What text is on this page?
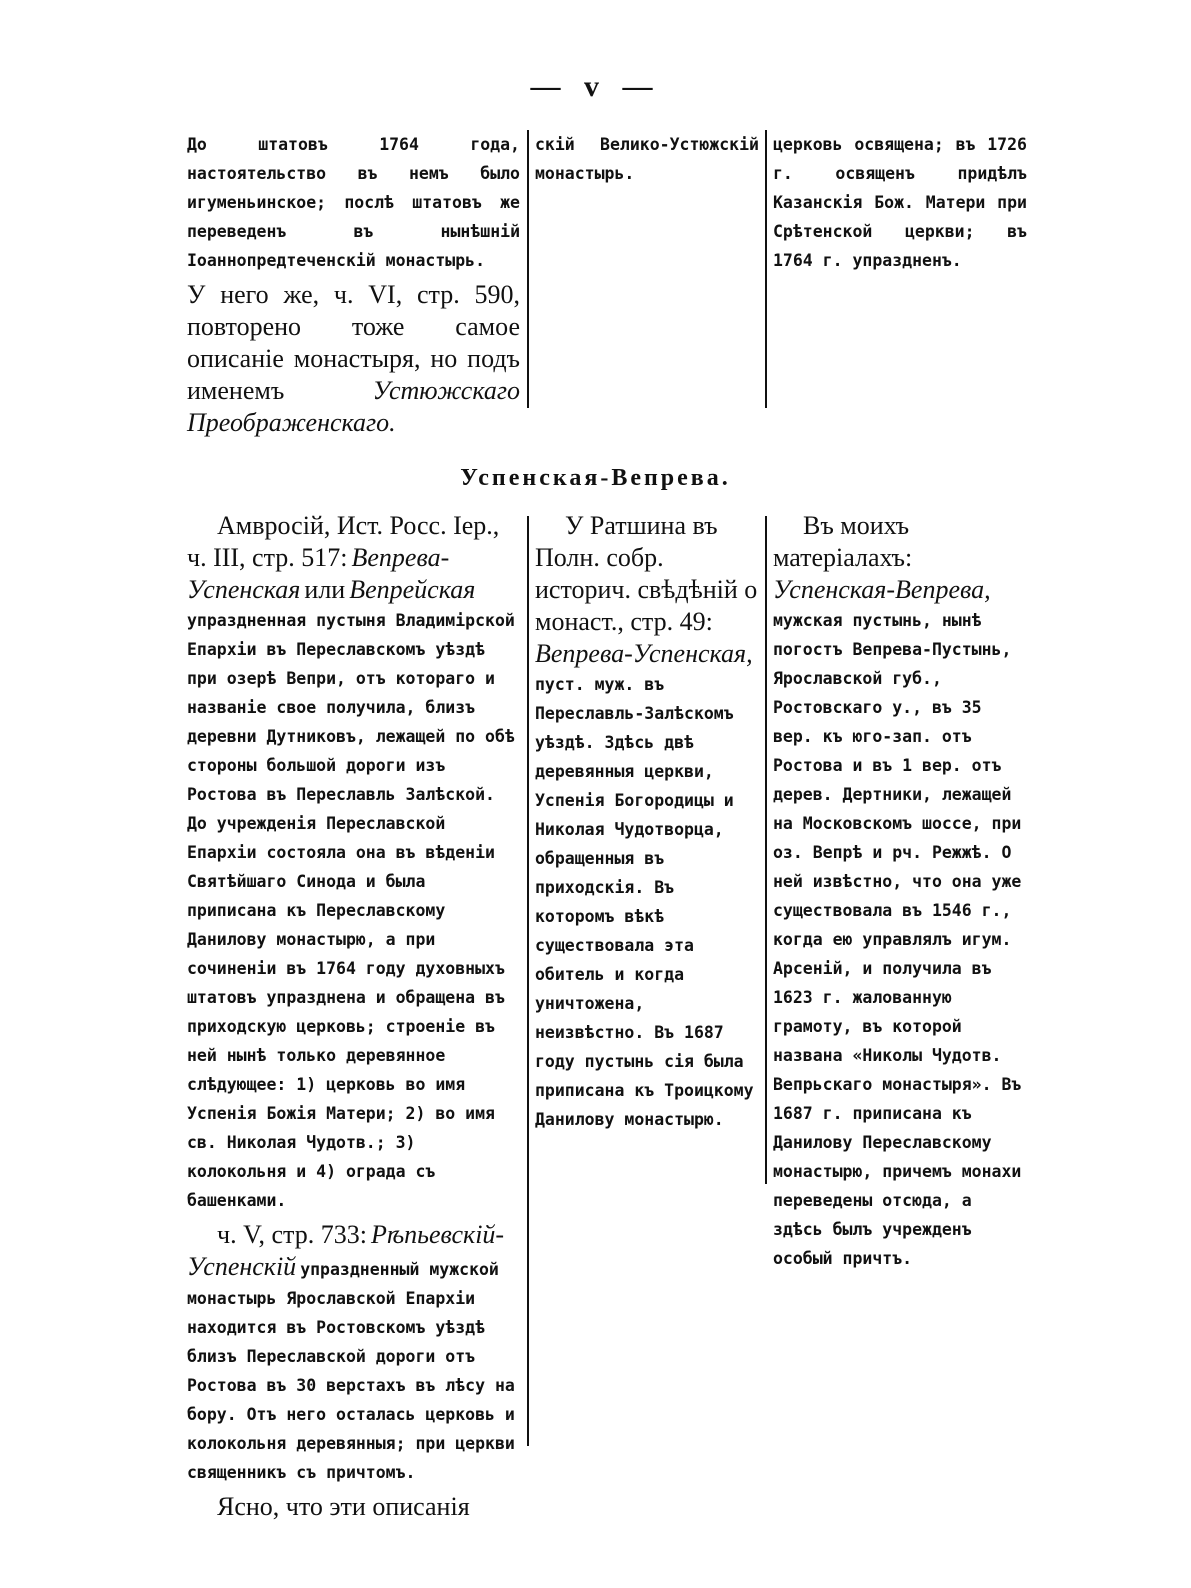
— v —

До штатовъ 1764 года, настоятельство въ немъ было игуменьинское; послѣ штатовъ же переведенъ въ нынѣшній Іоаннопредтеченскій монастырь.

У него же, ч. VI, стр. 590, повторено тоже самое описаніе монастыря, но подъ именемъ	Устюжскаго Преображенскаго.

скій Велико-Устюжскій монастырь.

церковь освящена; въ 1726 г. освященъ придѣлъ Казанскія Бож. Матери при Срѣтенской церкви; въ 1764 г. упраздненъ.

Успенская-Вепрева.

Амвросій, Ист. Росс. Іер., ч. III, стр. 517: Вепрева-Успенская или Вепрейская упраздненная пустыня Владимірской Епархіи въ Переславскомъ уѣздѣ при озерѣ Вепри, отъ котораго и названіе свое получила, близъ деревни Дутниковъ, лежащей по обѣ стороны большой дороги изъ Ростова въ Переславль Залѣской. До учрежденія Переславской Епархіи состояла она въ вѣденіи Святѣйшаго Синода и была приписана къ Переславскому Данилову монастырю, а при сочиненіи въ 1764 году духовныхъ штатовъ упразднена и обращена въ приходскую церковь; строеніе въ ней нынѣ только деревянное слѣдующее: 1) церковь во имя Успенія Божія Матери; 2) во имя св. Николая Чудотв.; 3) колокольня и 4) ограда съ башенками.

ч. V, стр. 733: Рѣпьевскій-Успенскій упраздненный мужской монастырь Ярославской Епархіи находится въ Ростовскомъ уѣздѣ близъ Переславской дороги отъ Ростова въ 30 верстахъ въ лѣсу на бору. Отъ него осталась церковь и колокольня деревянныя; при церкви священникъ съ причтомъ.

Ясно, что эти описанія

У Ратшина въ Полн. собр. историч. свѣдѣній о монаст., стр. 49: Вепрева-Успенская, пуст. муж. въ Переславль-Залѣскомъ уѣздѣ. Здѣсь двѣ деревянныя церкви, Успенія Богородицы и Николая Чудотворца, обращенныя въ приходскія. Въ которомъ вѣкѣ существовала эта обитель и когда уничтожена, неизвѣстно. Въ 1687 году пустынь сія была приписана къ Троицкому Данилову монастырю.

Въ моихъ матеріалахъ: Успенская-Вепрева, мужская пустынь, нынѣ погостъ Вепрева-Пустынь, Ярославской губ., Ростовскаго у., въ 35 вер. къ юго-зап. отъ Ростова и въ 1 вер. отъ дерев. Дертники, лежащей на Московскомъ шоссе, при оз. Вепрѣ и рч. Режжѣ. О ней извѣстно, что она уже существовала въ 1546 г., когда ею управлялъ игум. Арсеній, и получила въ 1623 г. жалованную грамоту, въ которой названа «Николы Чудотв. Вепрьскаго монастыря». Въ 1687 г. приписана къ Данилову Переславскому монастырю, причемъ монахи переведены отсюда, а здѣсь былъ учрежденъ особый причтъ.
